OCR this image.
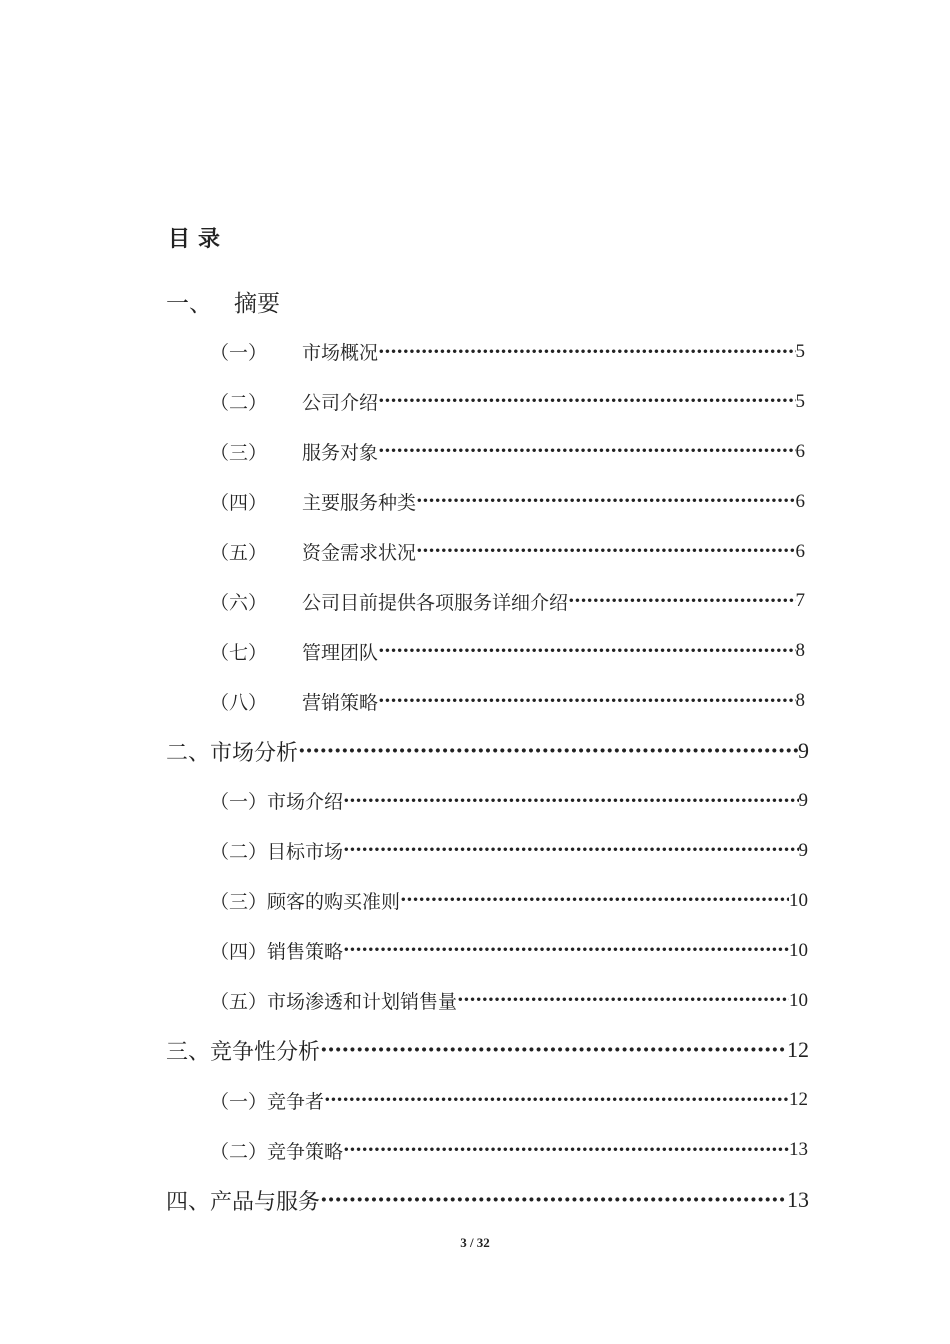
目 录
一、 摘要
（一） 市场概况 ·····	5
（二） 公司介绍 ·····	5
（三） 服务对象 ·····	6
（四） 主要服务种类 ·····	6
（五） 资金需求状况 ·····	6
（六） 公司目前提供各项服务详细介绍 ·····	7
（七） 管理团队 ·····	8
（八） 营销策略 ·····	8
二、市场分析 ·····	9
（一）市场介绍 ·····	9
（二）目标市场 ·····	9
（三）顾客的购买准则 ·····	10
（四）销售策略 ·····	10
（五）市场渗透和计划销售量 ·····	10
三、竞争性分析 ·····	12
（一）竞争者 ·····	12
（二）竞争策略 ·····	13
四、产品与服务 ·····	13
3 / 32
